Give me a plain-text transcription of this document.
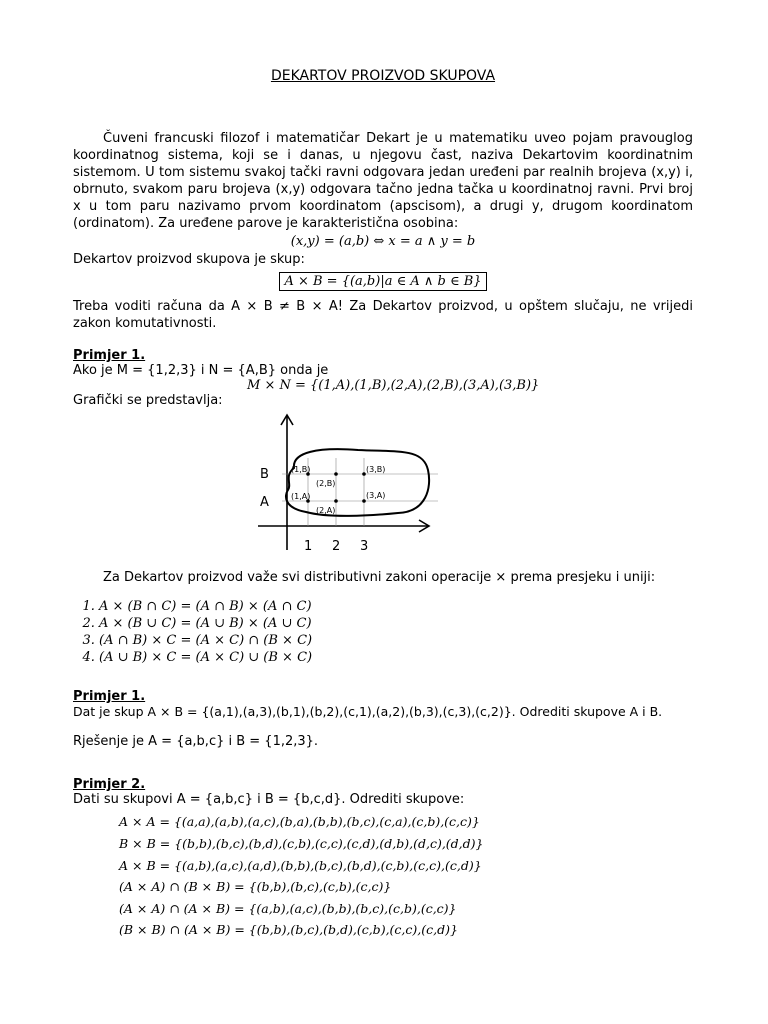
DEKARTOV PROIZVOD SKUPOVA
Čuveni francuski filozof i matematičar Dekart je u matematiku uveo pojam pravouglog koordinatnog sistema, koji se i danas, u njegovu čast, naziva Dekartovim koordinatnim sistemom. U tom sistemu svakoj tački ravni odgovara jedan uređeni par realnih brojeva (x,y) i, obrnuto, svakom paru brojeva (x,y) odgovara tačno jedna tačka u koordinatnoj ravni. Prvi broj x u tom paru nazivamo prvom koordinatom (apscisom), a drugi y, drugom koordinatom (ordinatom). Za uređene parove je karakteristična osobina:
(x,y) = (a,b) ⇔ x = a ∧ y = b
Dekartov proizvod skupova je skup:
A × B = {(a,b)|a ∈ A ∧ b ∈ B}
Treba voditi računa da A × B ≠ B × A! Za Dekartov proizvod, u opštem slučaju, ne vrijedi zakon komutativnosti.
Primjer 1.
Ako je M = {1,2,3} i N = {A,B} onda je
M × N = {(1,A),(1,B),(2,A),(2,B),(3,A),(3,B)}
Grafički se predstavlja:
(1,B)
(1,A)
(2,B)
(2,A)
(3,B)
(3,A)
B
A
1 2 3
Za Dekartov proizvod važe svi distributivni zakoni operacije × prema presjeku i uniji:
1. A × (B ∩ C) = (A ∩ B) × (A ∩ C)
2. A × (B ∪ C) = (A ∪ B) × (A ∪ C)
3. (A ∩ B) × C = (A × C) ∩ (B × C)
4. (A ∪ B) × C = (A × C) ∪ (B × C)
Primjer 1.
Dat je skup A × B = {(a,1),(a,3),(b,1),(b,2),(c,1),(a,2),(b,3),(c,3),(c,2)}. Odrediti skupove A i B.
Rješenje je A = {a,b,c} i B = {1,2,3}.
Primjer 2.
Dati su skupovi A = {a,b,c} i B = {b,c,d}. Odrediti skupove:
A × A = {(a,a),(a,b),(a,c),(b,a),(b,b),(b,c),(c,a),(c,b),(c,c)}
B × B = {(b,b),(b,c),(b,d),(c,b),(c,c),(c,d),(d,b),(d,c),(d,d)}
A × B = {(a,b),(a,c),(a,d),(b,b),(b,c),(b,d),(c,b),(c,c),(c,d)}
(A × A) ∩ (B × B) = {(b,b),(b,c),(c,b),(c,c)}
(A × A) ∩ (A × B) = {(a,b),(a,c),(b,b),(b,c),(c,b),(c,c)}
(B × B) ∩ (A × B) = {(b,b),(b,c),(b,d),(c,b),(c,c),(c,d)}
